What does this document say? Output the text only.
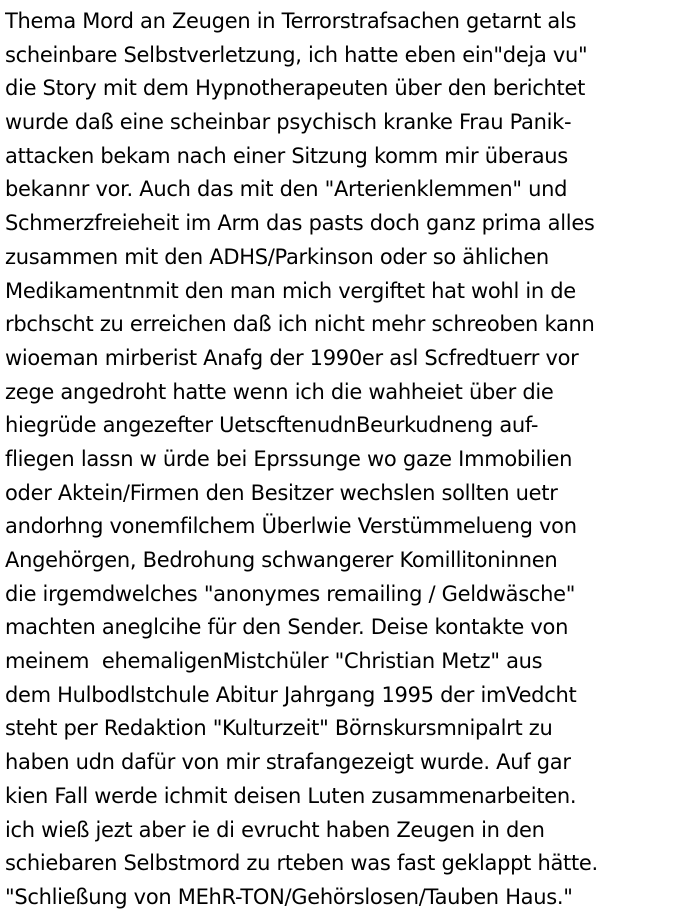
Thema Mord an Zeugen in Terrorstrafsachen getarnt als
scheinbare Selbstverletzung, ich hatte eben ein"deja vu"
die Story mit dem Hypnotherapeuten über den berichtet
wurde daß eine scheinbar psychisch kranke Frau Panik-
attacken bekam nach einer Sitzung komm mir überaus
bekannr vor. Auch das mit den "Arterienklemmen" und
Schmerzfreieheit im Arm das pasts doch ganz prima alles
zusammen mit den ADHS/Parkinson oder so ählichen
Medikamentnmit den man mich vergiftet hat wohl in de
rbchscht zu erreichen daß ich nicht mehr schreoben kann
wioeman mirberist Anafg der 1990er asl Scfredtuerr vor
zege angedroht hatte wenn ich die wahheiet über die
hiegrüde angezefter UetscftenudnBeurkudneng auf-
fliegen lassn w ürde bei Eprssunge wo gaze Immobilien
oder Aktein/Firmen den Besitzer wechslen sollten uetr
andorhng vonemfilchem Überlwie Verstümmelueng von
Angehörgen, Bedrohung schwangerer Komillitoninnen
die irgemdwelches "anonymes remailing / Geldwäsche"
machten aneglcihe für den Sender. Deise kontakte von
meinem  ehemaligenMistchüler "Christian Metz" aus
dem Hulbodlstchule Abitur Jahrgang 1995 der imVedcht
steht per Redaktion "Kulturzeit" Börnskursmnipalrt zu
haben udn dafür von mir strafangezeigt wurde. Auf gar
kien Fall werde ichmit deisen Luten zusammenarbeiten.
ich wieß jezt aber ie di evrucht haben Zeugen in den
schiebaren Selbstmord zu rteben was fast geklappt hätte.
"Schließung von MEhR-TON/Gehörslosen/Tauben Haus."
